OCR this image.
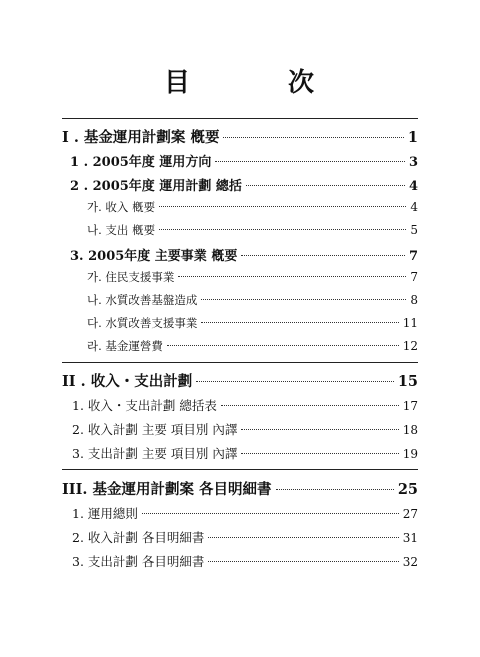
目	次
I . 基金運用計劃案 槪要	1
1 . 2005年度 運用方向	3
2 . 2005年度 運用計劃 總括	4
가. 收入 槪要	4
나. 支出 槪要	5
3. 2005年度 主要事業 槪要	7
가. 住民支援事業	7
나. 水質改善基盤造成	8
다. 水質改善支援事業	11
라. 基金運營費	12
II . 收入・支出計劃	15
1. 收入・支出計劃 總括表	17
2. 收入計劃 主要 項目別 內譯	18
3. 支出計劃 主要 項目別 內譯	19
III. 基金運用計劃案 各目明細書	25
1. 運用總則	27
2. 收入計劃 各目明細書	31
3. 支出計劃 各目明細書	32
